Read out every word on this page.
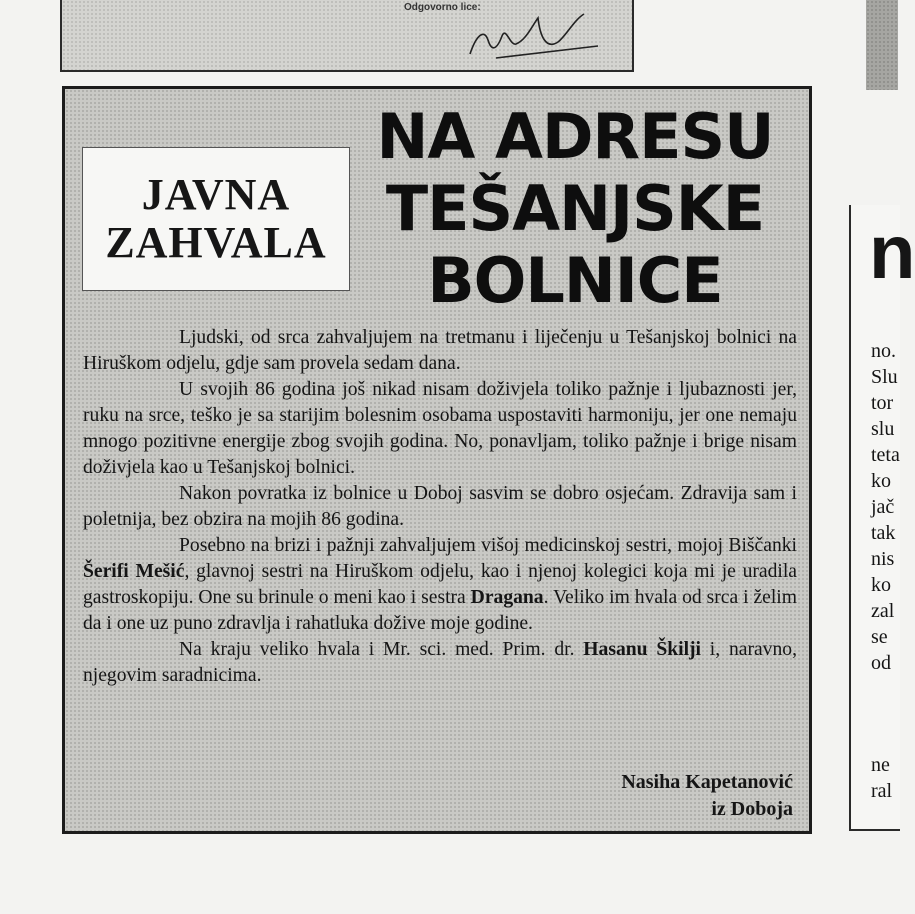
Odgovorno lice:
n
no.
Slu
tor
slu
teta
ko
jač
tak
nis
ko
zal
se
od
ne
ral
JAVNA
ZAHVALA
NA ADRESU
TEŠANJSKE
BOLNICE

Ljudski, od srca zahvaljujem na tretmanu i liječenju u Tešanjskoj bolnici na Hiruškom odjelu, gdje sam provela sedam dana.

U svojih 86 godina još nikad nisam doživjela toliko pažnje i ljubaznosti jer, ruku na srce, teško je sa starijim bolesnim osobama uspostaviti harmoniju, jer one nemaju mnogo pozitivne energije zbog svojih godina. No, ponavljam, toliko pažnje i brige nisam doživjela kao u Tešanjskoj bolnici.

Nakon povratka iz bolnice u Doboj sasvim se dobro osjećam. Zdravija sam i poletnija, bez obzira na mojih 86 godina.

Posebno na brizi i pažnji zahvaljujem višoj medicinskoj sestri, mojoj Biščanki Šerifi Mešić, glavnoj sestri na Hiruškom odjelu, kao i njenoj kolegici koja mi je uradila gastroskopiju. One su brinule o meni kao i sestra Dragana. Veliko im hvala od srca i želim da i one uz puno zdravlja i rahatluka dožive moje godine.

Na kraju veliko hvala i Mr. sci. med. Prim. dr. Hasanu Škilji i, naravno, njegovim saradnicima.

Nasiha Kapetanović
iz Doboja
